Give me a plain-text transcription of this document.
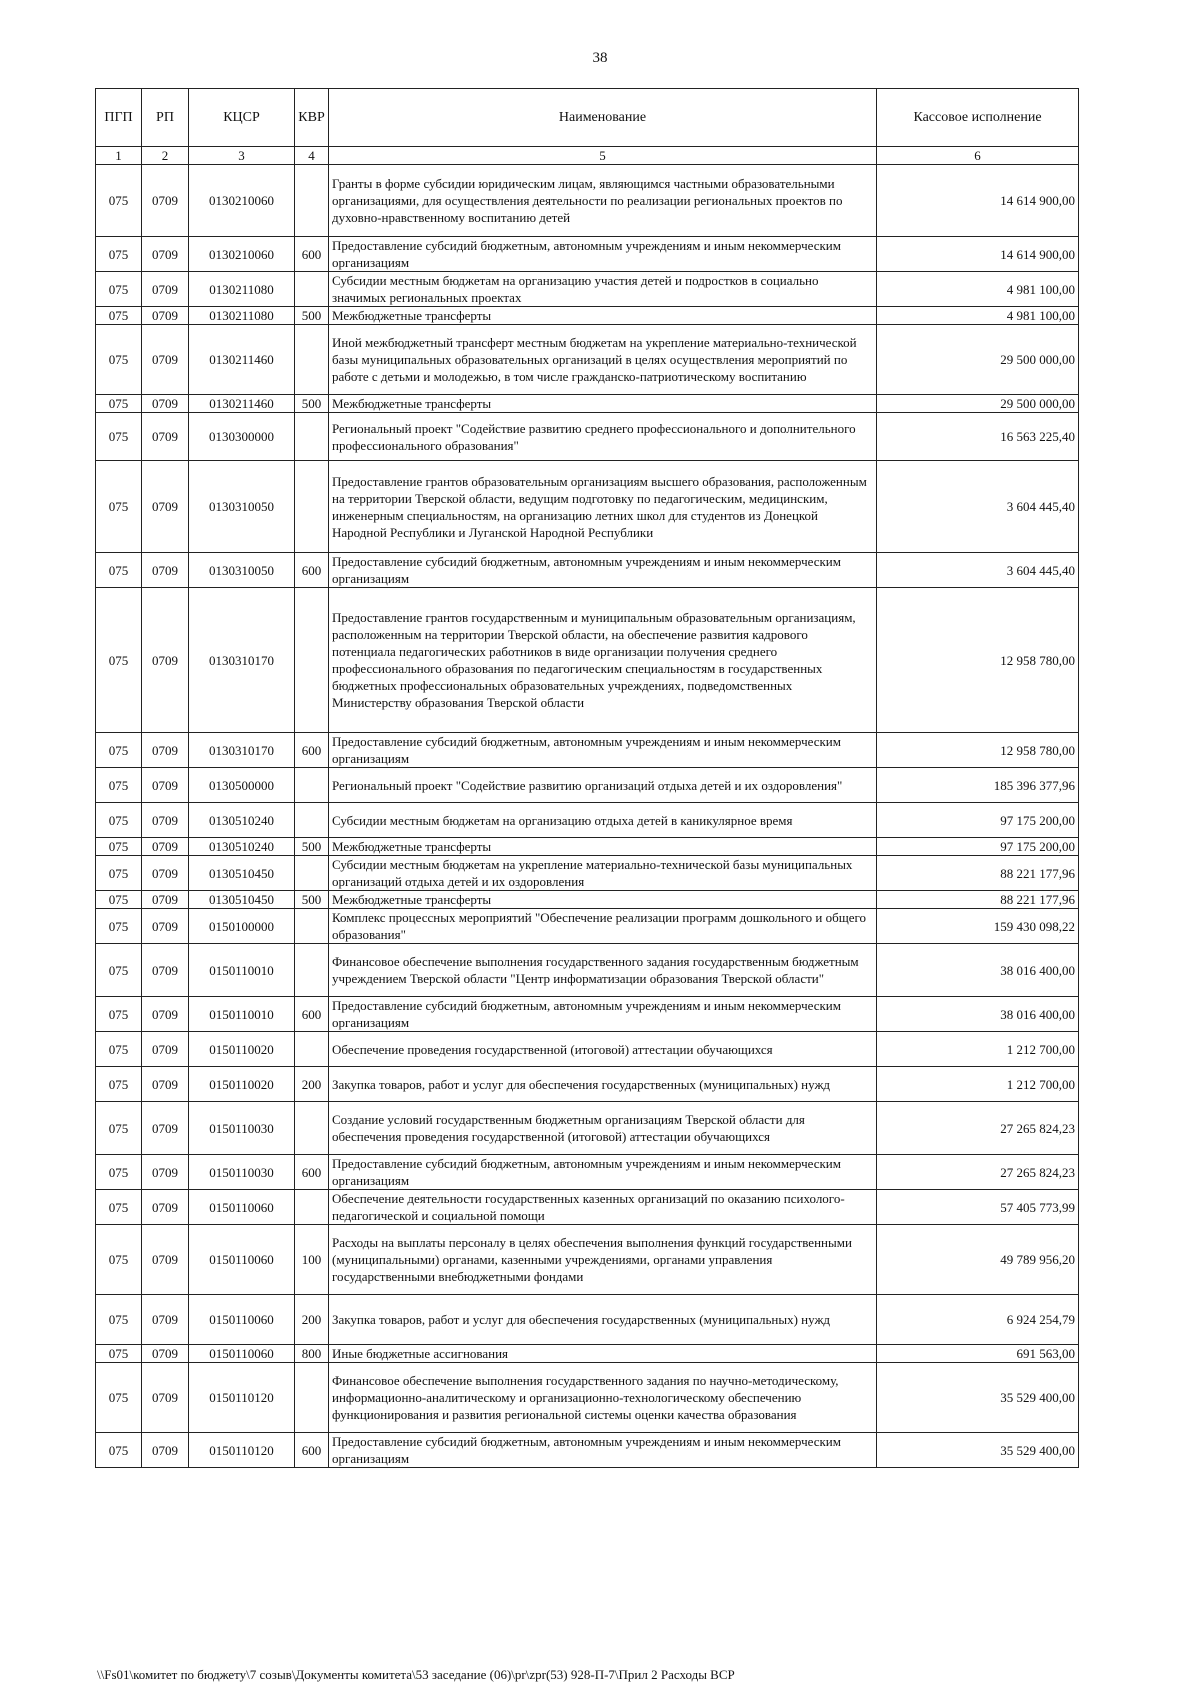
38
ПГП	РП	КЦСР	КВР	Наименование	Кассовое исполнение
1	2	3	4	5	6
075	0709	0130210060		Гранты в форме субсидии юридическим лицам, являющимся частными образовательными организациями, для осуществления деятельности по реализации региональных проектов по духовно-нравственному воспитанию детей	14 614 900,00
075	0709	0130210060	600	Предоставление субсидий бюджетным, автономным учреждениям и иным некоммерческим организациям	14 614 900,00
075	0709	0130211080		Субсидии местным бюджетам на организацию участия детей и подростков в социально значимых региональных проектах	4 981 100,00
075	0709	0130211080	500	Межбюджетные трансферты	4 981 100,00
075	0709	0130211460		Иной межбюджетный трансферт местным бюджетам на укрепление материально-технической базы муниципальных образовательных организаций в целях осуществления мероприятий по работе с детьми и молодежью, в том числе гражданско-патриотическому воспитанию	29 500 000,00
075	0709	0130211460	500	Межбюджетные трансферты	29 500 000,00
075	0709	0130300000		Региональный проект "Содействие развитию среднего профессионального и дополнительного профессионального образования"	16 563 225,40
075	0709	0130310050		Предоставление грантов образовательным организациям высшего образования, расположенным на территории Тверской области, ведущим подготовку по педагогическим, медицинским, инженерным специальностям, на организацию летних школ для студентов из Донецкой Народной Республики и Луганской Народной Республики	3 604 445,40
075	0709	0130310050	600	Предоставление субсидий бюджетным, автономным учреждениям и иным некоммерческим организациям	3 604 445,40
075	0709	0130310170		Предоставление грантов государственным и муниципальным образовательным организациям, расположенным на территории Тверской области, на обеспечение развития кадрового потенциала педагогических работников в виде организации получения среднего профессионального образования по педагогическим специальностям в государственных бюджетных профессиональных образовательных учреждениях, подведомственных Министерству образования Тверской области	12 958 780,00
075	0709	0130310170	600	Предоставление субсидий бюджетным, автономным учреждениям и иным некоммерческим организациям	12 958 780,00
075	0709	0130500000		Региональный проект "Содействие развитию организаций отдыха детей и их оздоровления"	185 396 377,96
075	0709	0130510240		Субсидии местным бюджетам на организацию отдыха детей в каникулярное время	97 175 200,00
075	0709	0130510240	500	Межбюджетные трансферты	97 175 200,00
075	0709	0130510450		Субсидии местным бюджетам на укрепление материально-технической базы муниципальных организаций отдыха детей и их оздоровления	88 221 177,96
075	0709	0130510450	500	Межбюджетные трансферты	88 221 177,96
075	0709	0150100000		Комплекс процессных мероприятий "Обеспечение реализации программ дошкольного и общего образования"	159 430 098,22
075	0709	0150110010		Финансовое обеспечение выполнения государственного задания государственным бюджетным учреждением Тверской области "Центр информатизации образования Тверской области"	38 016 400,00
075	0709	0150110010	600	Предоставление субсидий бюджетным, автономным учреждениям и иным некоммерческим организациям	38 016 400,00
075	0709	0150110020		Обеспечение проведения государственной (итоговой) аттестации обучающихся	1 212 700,00
075	0709	0150110020	200	Закупка товаров, работ и услуг для обеспечения государственных (муниципальных) нужд	1 212 700,00
075	0709	0150110030		Создание условий государственным бюджетным организациям Тверской области для обеспечения проведения государственной (итоговой) аттестации обучающихся	27 265 824,23
075	0709	0150110030	600	Предоставление субсидий бюджетным, автономным учреждениям и иным некоммерческим организациям	27 265 824,23
075	0709	0150110060		Обеспечение деятельности государственных казенных организаций по оказанию психолого-педагогической и социальной помощи	57 405 773,99
075	0709	0150110060	100	Расходы на выплаты персоналу в целях обеспечения выполнения функций государственными (муниципальными) органами, казенными учреждениями, органами управления государственными внебюджетными фондами	49 789 956,20
075	0709	0150110060	200	Закупка товаров, работ и услуг для обеспечения государственных (муниципальных) нужд	6 924 254,79
075	0709	0150110060	800	Иные бюджетные ассигнования	691 563,00
075	0709	0150110120		Финансовое обеспечение выполнения государственного задания по научно-методическому, информационно-аналитическому и организационно-технологическому обеспечению функционирования и развития региональной системы оценки качества образования	35 529 400,00
075	0709	0150110120	600	Предоставление субсидий бюджетным, автономным учреждениям и иным некоммерческим организациям	35 529 400,00
\\Fs01\комитет по бюджету\7 созыв\Документы комитета\53 заседание (06)\pr\zpr(53) 928-П-7\Прил 2 Расходы ВСР
